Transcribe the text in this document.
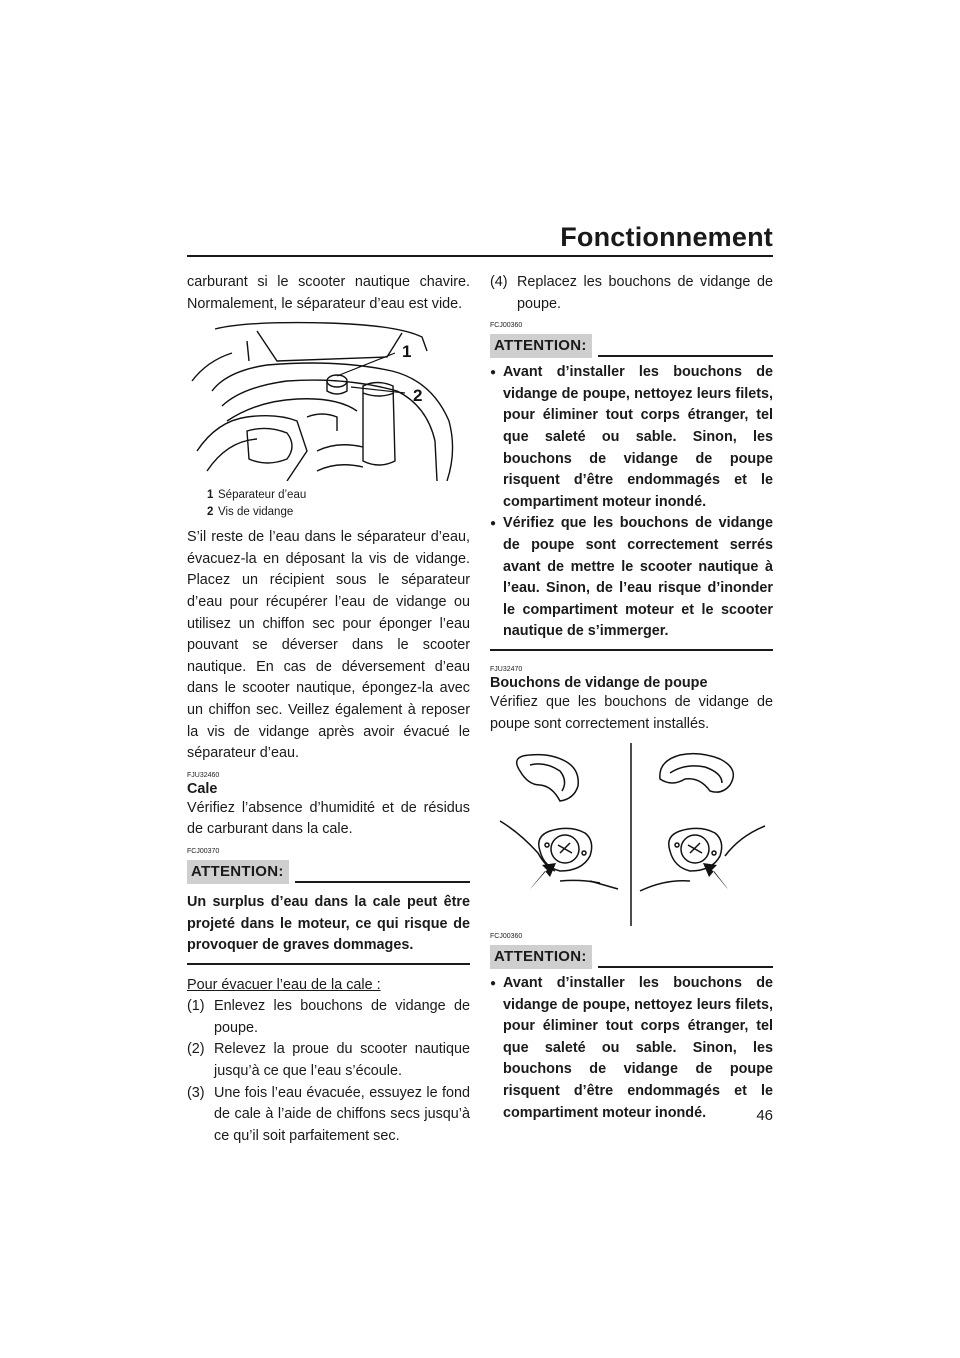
Fonctionnement

carburant si le scooter nautique chavire. Normalement, le séparateur d’eau est vide.

1
2
1 Séparateur d’eau
2 Vis de vidange

S’il reste de l’eau dans le séparateur d’eau, évacuez-la en déposant la vis de vidange. Placez un récipient sous le séparateur d’eau pour récupérer l’eau de vidange ou utilisez un chiffon sec pour éponger l’eau pouvant se déverser dans le scooter nautique. En cas de déversement d’eau dans le scooter nautique, épongez-la avec un chiffon sec. Veillez également à reposer la vis de vidange après avoir évacué le séparateur d’eau.

FJU32460
Cale

Vérifiez l’absence d’humidité et de résidus de carburant dans la cale.

FCJ00370
ATTENTION:

Un surplus d’eau dans la cale peut être projeté dans le moteur, ce qui risque de provoquer de graves dommages.

Pour évacuer l’eau de la cale :
(1) Enlevez les bouchons de vidange de poupe.
(2) Relevez la proue du scooter nautique jusqu’à ce que l’eau s’écoule.
(3) Une fois l’eau évacuée, essuyez le fond de cale à l’aide de chiffons secs jusqu’à ce qu’il soit parfaitement sec.
(4) Replacez les bouchons de vidange de poupe.
FCJ00360
ATTENTION:
● Avant d’installer les bouchons de vidange de poupe, nettoyez leurs filets, pour éliminer tout corps étranger, tel que saleté ou sable. Sinon, les bouchons de vidange de poupe risquent d’être endommagés et le compartiment moteur inondé.
● Vérifiez que les bouchons de vidange de poupe sont correctement serrés avant de mettre le scooter nautique à l’eau. Sinon, de l’eau risque d’inonder le compartiment moteur et le scooter nautique de s’immerger.
FJU32470
Bouchons de vidange de poupe

Vérifiez que les bouchons de vidange de poupe sont correctement installés.

FCJ00360
ATTENTION:
● Avant d’installer les bouchons de vidange de poupe, nettoyez leurs filets, pour éliminer tout corps étranger, tel que saleté ou sable. Sinon, les bouchons de vidange de poupe risquent d’être endommagés et le compartiment moteur inondé.	46
